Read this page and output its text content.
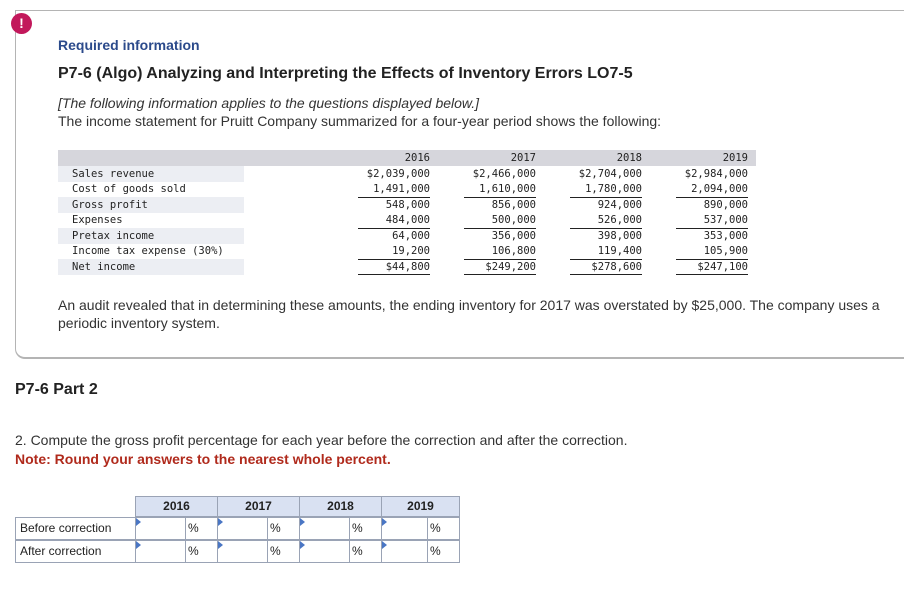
!
Required information
P7-6 (Algo) Analyzing and Interpreting the Effects of Inventory Errors LO7-5
[The following information applies to the questions displayed below.]
The income statement for Pruitt Company summarized for a four-year period shows the following:
2016	2017	2018	2019
Sales revenue	$2,039,000	$2,466,000	$2,704,000	$2,984,000
Cost of goods sold	1,491,000	1,610,000	1,780,000	2,094,000
Gross profit	548,000	856,000	924,000	890,000
Expenses	484,000	500,000	526,000	537,000
Pretax income	64,000	356,000	398,000	353,000
Income tax expense (30%)	19,200	106,800	119,400	105,900
Net income	$44,800	$249,200	$278,600	$247,100
An audit revealed that in determining these amounts, the ending inventory for 2017 was overstated by $25,000. The company uses a periodic inventory system.
P7-6 Part 2
2. Compute the gross profit percentage for each year before the correction and after the correction.
Note: Round your answers to the nearest whole percent.
2016	2017	2018	2019
Before correction	%	%	%	%
After correction	%	%	%	%
